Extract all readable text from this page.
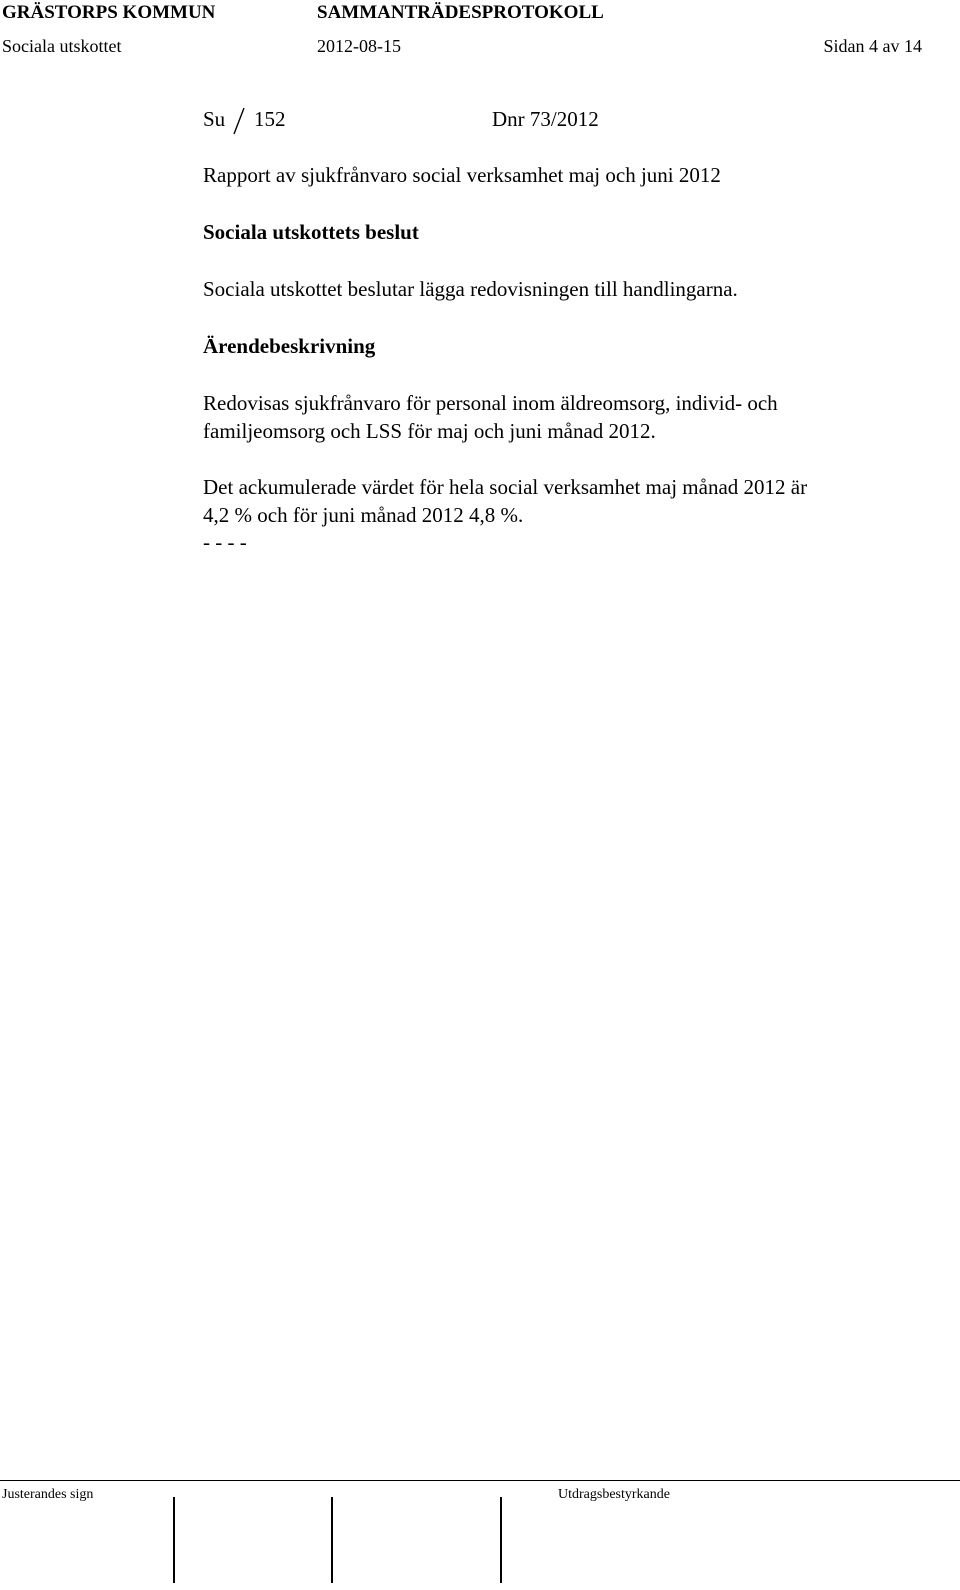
GRÄSTORPS KOMMUN	SAMMANTRÄDESPROTOKOLL
Sociala utskottet	2012-08-15	Sidan 4 av 14
Su 152	Dnr 73/2012
Rapport av sjukfrånvaro social verksamhet maj och juni 2012
Sociala utskottets beslut
Sociala utskottet beslutar lägga redovisningen till handlingarna.
Ärendebeskrivning
Redovisas sjukfrånvaro för personal inom äldreomsorg, individ- och
familjeomsorg och LSS för maj och juni månad 2012.
Det ackumulerade värdet för hela social verksamhet maj månad 2012 är
4,2 % och för juni månad 2012 4,8 %.
- - - -
Justerandes sign	Utdragsbestyrkande
